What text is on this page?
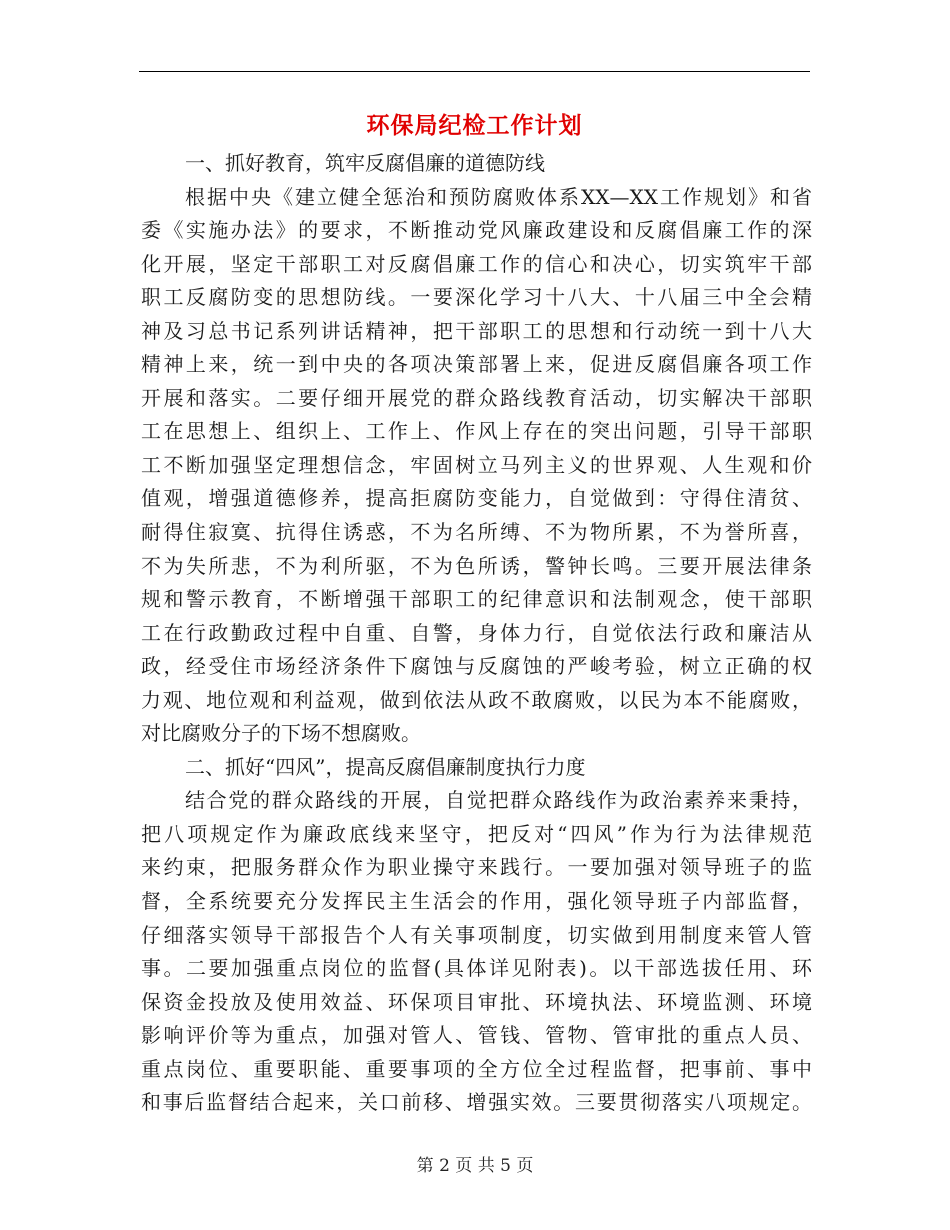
环保局纪检工作计划
一、抓好教育，筑牢反腐倡廉的道德防线
根据中央《建立健全惩治和预防腐败体系XX—XX工作规划》和省
委《实施办法》的要求，不断推动党风廉政建设和反腐倡廉工作的深
化开展，坚定干部职工对反腐倡廉工作的信心和决心，切实筑牢干部
职工反腐防变的思想防线。一要深化学习十八大、十八届三中全会精
神及习总书记系列讲话精神，把干部职工的思想和行动统一到十八大
精神上来，统一到中央的各项决策部署上来，促进反腐倡廉各项工作
开展和落实。二要仔细开展党的群众路线教育活动，切实解决干部职
工在思想上、组织上、工作上、作风上存在的突出问题，引导干部职
工不断加强坚定理想信念，牢固树立马列主义的世界观、人生观和价
值观，增强道德修养，提高拒腐防变能力，自觉做到：守得住清贫、
耐得住寂寞、抗得住诱惑，不为名所缚、不为物所累，不为誉所喜，
不为失所悲，不为利所驱，不为色所诱，警钟长鸣。三要开展法律条
规和警示教育，不断增强干部职工的纪律意识和法制观念，使干部职
工在行政勤政过程中自重、自警，身体力行，自觉依法行政和廉洁从
政，经受住市场经济条件下腐蚀与反腐蚀的严峻考验，树立正确的权
力观、地位观和利益观，做到依法从政不敢腐败，以民为本不能腐败，
对比腐败分子的下场不想腐败。
二、抓好“四风”，提高反腐倡廉制度执行力度
结合党的群众路线的开展，自觉把群众路线作为政治素养来秉持，
把八项规定作为廉政底线来坚守，把反对“四风”作为行为法律规范
来约束，把服务群众作为职业操守来践行。一要加强对领导班子的监
督，全系统要充分发挥民主生活会的作用，强化领导班子内部监督，
仔细落实领导干部报告个人有关事项制度，切实做到用制度来管人管
事。二要加强重点岗位的监督(具体详见附表)。以干部选拔任用、环
保资金投放及使用效益、环保项目审批、环境执法、环境监测、环境
影响评价等为重点，加强对管人、管钱、管物、管审批的重点人员、
重点岗位、重要职能、重要事项的全方位全过程监督，把事前、事中
和事后监督结合起来，关口前移、增强实效。三要贯彻落实八项规定。
第 2 页 共 5 页
